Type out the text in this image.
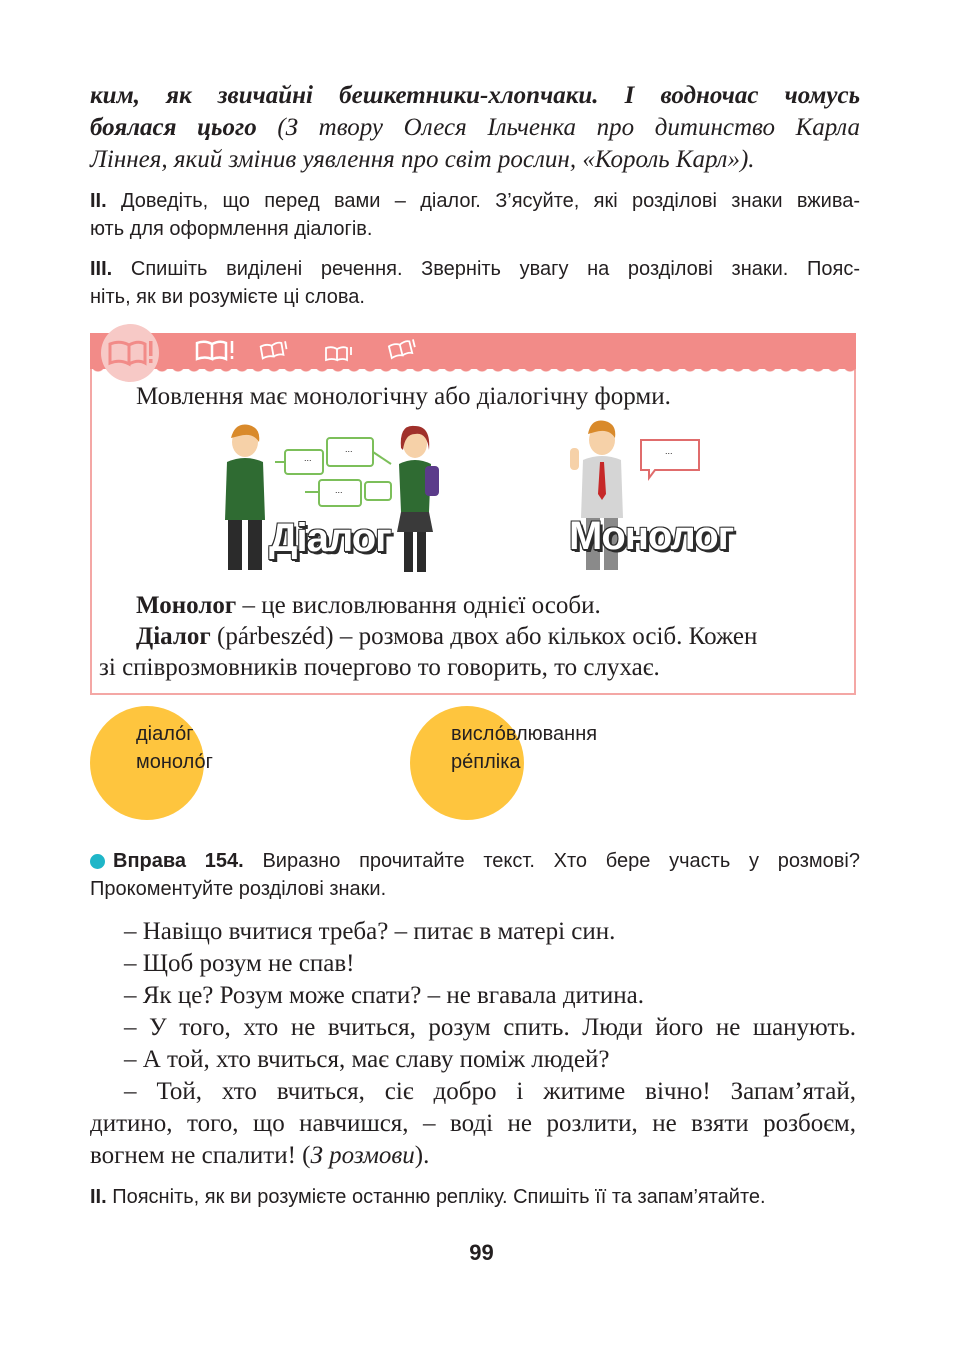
ким, як звичайні бешкетники-хлопчаки. І водночас чомусь
боялася цього (З твору Олеся Ільченка про дитинство Карла
Ліннея, який змінив уявлення про світ рослин, «Король Карл»).
ІІ. Доведіть, що перед вами – діалог. З’ясуйте, які розділові знаки вжива-
ють для оформлення діалогів.
ІІІ. Спишіть виділені речення. Зверніть увагу на розділові знаки. Пояс-
ніть, як ви розумієте ці слова.
Мовлення має монологічну або діалогічну форми.
...
...
...
Діалог
...
Монолог
Монолог – це висловлювання однієї особи.
Діалог (párbeszéd) – розмова двох або кількох осіб. Кожен
зі співрозмовників почергово то говорить, то слухає.
діало́г
моноло́г
висло́влювання
ре́пліка
Вправа 154. Виразно прочитайте текст. Хто бере участь у розмові?
Прокоментуйте розділові знаки.
– Навіщо вчитися треба? – питає в матері син.
– Щоб розум не спав!
– Як це? Розум може спати? – не вгавала дитина.
– У того, хто не вчиться, розум спить. Люди його не шанують.
– А той, хто вчиться, має славу поміж людей?
– Той, хто вчиться, сіє добро і житиме вічно! Запам’ятай,
дитино, того, що навчишся, – воді не розлити, не взяти розбоєм,
вогнем не спалити! (З розмови).
ІІ. Поясніть, як ви розумієте останню репліку. Спишіть її та запам’ятайте.
99
